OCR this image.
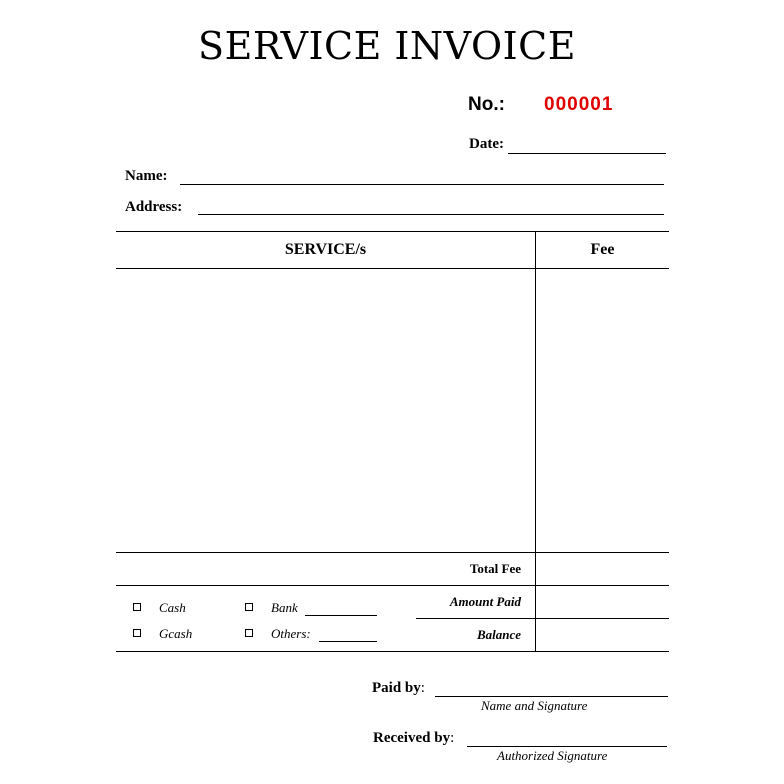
SERVICE INVOICE
No.: 000001
Date:
Name:
Address:
SERVICE/s	Fee
Total Fee
Amount Paid
Balance
Cash	Bank
Gcash	Others:
Paid by:
Name and Signature
Received by:
Authorized Signature
